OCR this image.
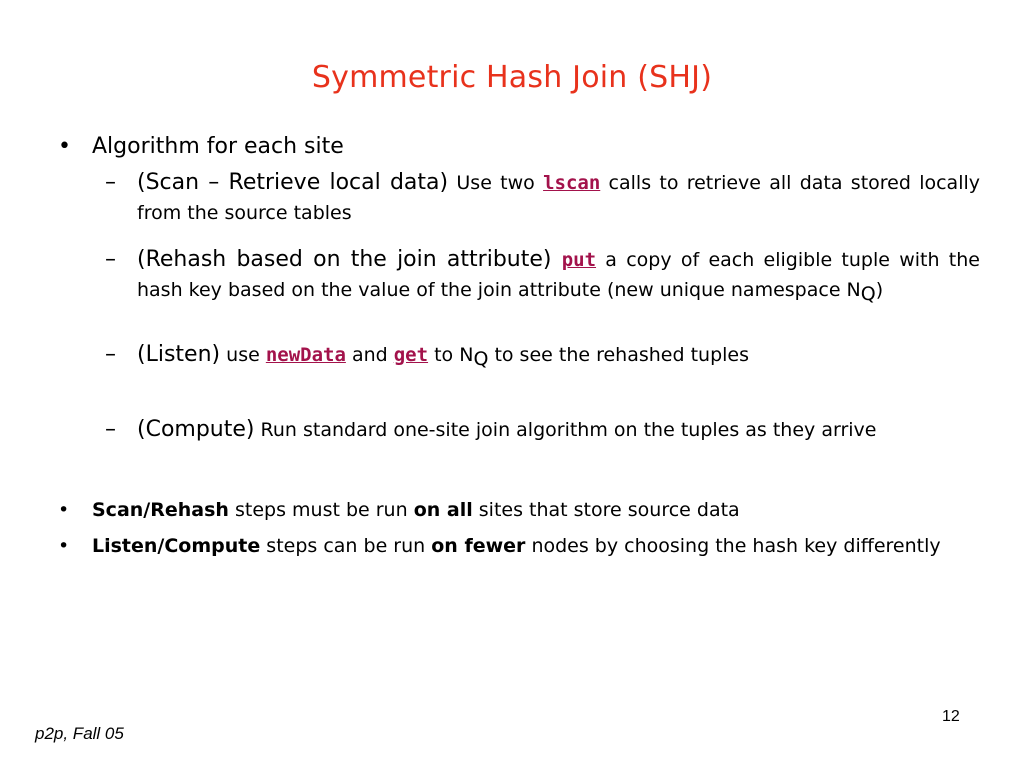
Symmetric Hash Join (SHJ)
• Algorithm for each site
– (Scan – Retrieve local data) Use two lscan calls to retrieve all data stored locally from the source tables
– (Rehash based on the join attribute) put a copy of each eligible tuple with the hash key based on the value of the join attribute (new unique namespace $N_Q$)
– (Listen) use newData and get to $N_Q$ to see the rehashed tuples
– (Compute) Run standard one-site join algorithm on the tuples as they arrive
• Scan/Rehash steps must be run on all sites that store source data
• Listen/Compute steps can be run on fewer nodes by choosing the hash key differently
12
p2p, Fall 05
